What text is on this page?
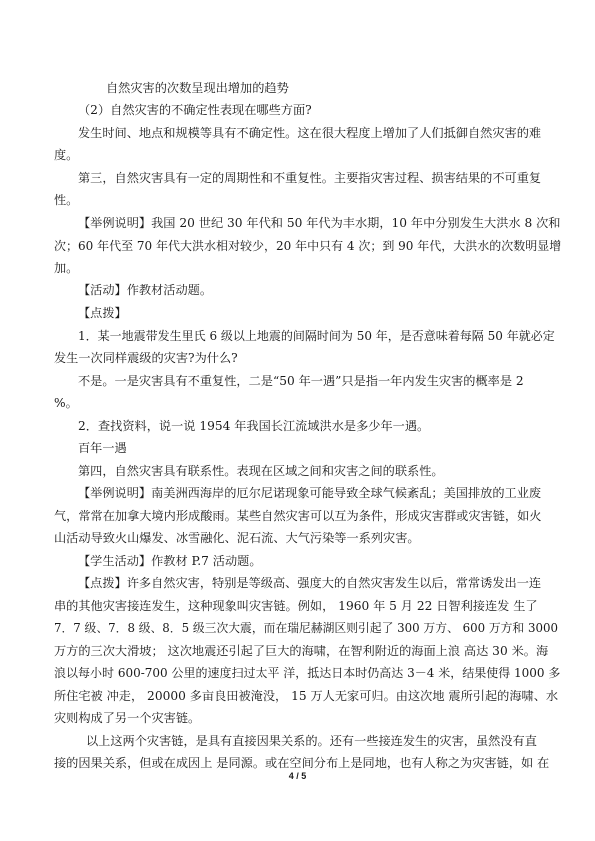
自然灾害的次数呈现出增加的趋势
（2）自然灾害的不确定性表现在哪些方面?
发生时间、地点和规模等具有不确定性。这在很大程度上增加了人们抵御自然灾害的难
度。
第三，自然灾害具有一定的周期性和不重复性。主要指灾害过程、损害结果的不可重复
性。
【举例说明】我国 20 世纪 30 年代和 50 年代为丰水期，10 年中分别发生大洪水 8 次和
次；60 年代至 70 年代大洪水相对较少，20 年中只有 4 次；到 90 年代，大洪水的次数明显增
加。
【活动】作教材活动题。
【点拨】
1．某一地震带发生里氏 6 级以上地震的间隔时间为 50 年，是否意味着每隔 50 年就必定
发生一次同样震级的灾害?为什么?
不是。一是灾害具有不重复性，二是“50 年一遇”只是指一年内发生灾害的概率是 2
%。
2．查找资料，说一说 1954 年我国长江流域洪水是多少年一遇。
百年一遇
第四，自然灾害具有联系性。表现在区域之间和灾害之间的联系性。
【举例说明】南美洲西海岸的厄尔尼诺现象可能导致全球气候紊乱；美国排放的工业废
气，常常在加拿大境内形成酸雨。某些自然灾害可以互为条件，形成灾害群或灾害链，如火
山活动导致火山爆发、冰雪融化、泥石流、大气污染等一系列灾害。
【学生活动】作教材 P.7 活动题。
【点拨】许多自然灾害，特别是等级高、强度大的自然灾害发生以后，常常诱发出一连
串的其他灾害接连发生，这种现象叫灾害链。例如， 1960 年 5 月 22 日智利接连发 生了
7．7 级、7．8 级、8．5 级三次大震，而在瑞尼赫湖区则引起了 300 万方、 600 万方和 3000
万方的三次大滑坡； 这次地震还引起了巨大的海啸，在智利附近的海面上浪 高达 30 米。海
浪以每小时 600-700 公里的速度扫过太平 洋，抵达日本时仍高达 3－4 米，结果使得 1000 多
所住宅被 冲走， 20000 多亩良田被淹没， 15 万人无家可归。由这次地 震所引起的海啸、水
灾则构成了另一个灾害链。
以上这两个灾害链，是具有直接因果关系的。还有一些接连发生的灾害，虽然没有直
接的因果关系，但或在成因上 是同源。或在空间分布上是同地，也有人称之为灾害链，如 在
4 / 5
